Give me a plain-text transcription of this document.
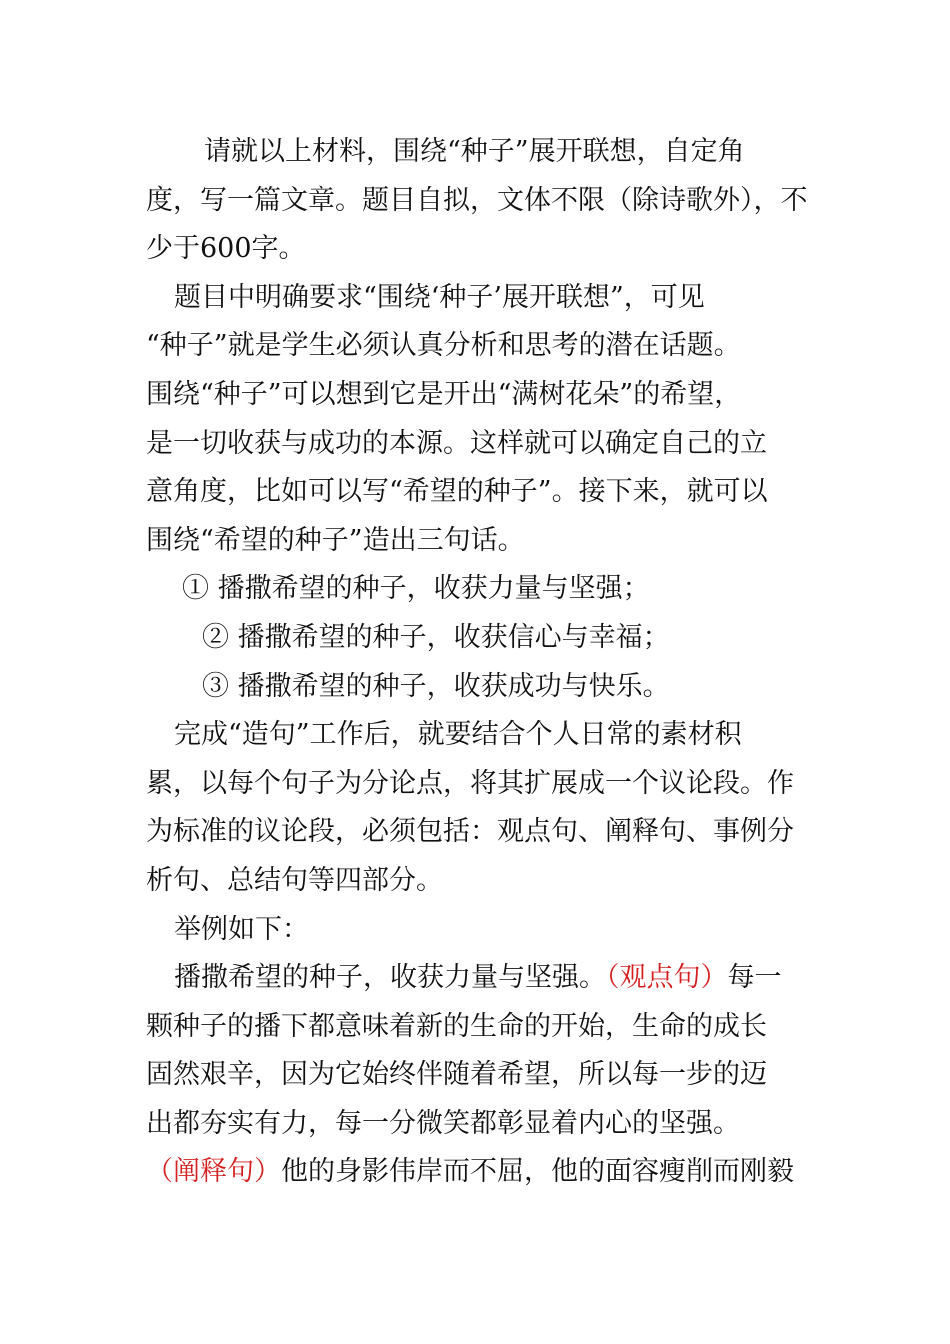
请就以上材料，围绕“种子”展开联想，自定角
度，写一篇文章。题目自拟，文体不限（除诗歌外），不
少于600字。
题目中明确要求“围绕‘种子’展开联想”，可见
“种子”就是学生必须认真分析和思考的潜在话题。
围绕“种子”可以想到它是开出“满树花朵”的希望，
是一切收获与成功的本源。这样就可以确定自己的立
意角度，比如可以写“希望的种子”。接下来，就可以
围绕“希望的种子”造出三句话。
① 播撒希望的种子，收获力量与坚强；
② 播撒希望的种子，收获信心与幸福；
③ 播撒希望的种子，收获成功与快乐。
完成“造句”工作后，就要结合个人日常的素材积
累，以每个句子为分论点，将其扩展成一个议论段。作
为标准的议论段，必须包括：观点句、阐释句、事例分
析句、总结句等四部分。
举例如下：
播撒希望的种子，收获力量与坚强。（观点句）每一
颗种子的播下都意味着新的生命的开始，生命的成长
固然艰辛，因为它始终伴随着希望，所以每一步的迈
出都夯实有力，每一分微笑都彰显着内心的坚强。
（阐释句）他的身影伟岸而不屈，他的面容瘦削而刚毅
